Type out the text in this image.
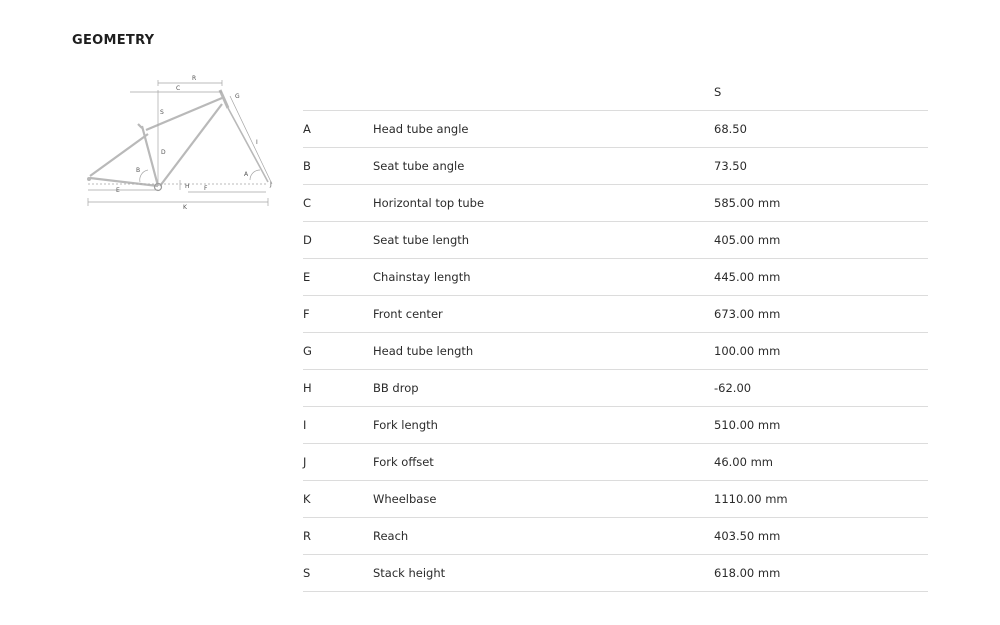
GEOMETRY
R
C
S
G
B
D
I
A
J
E
H F
K
S
A	Head tube angle	68.50
B	Seat tube angle	73.50
C	Horizontal top tube	585.00 mm
D	Seat tube length	405.00 mm
E	Chainstay length	445.00 mm
F	Front center	673.00 mm
G	Head tube length	100.00 mm
H	BB drop	-62.00
I	Fork length	510.00 mm
J	Fork offset	46.00 mm
K	Wheelbase	1110.00 mm
R	Reach	403.50 mm
S	Stack height	618.00 mm
